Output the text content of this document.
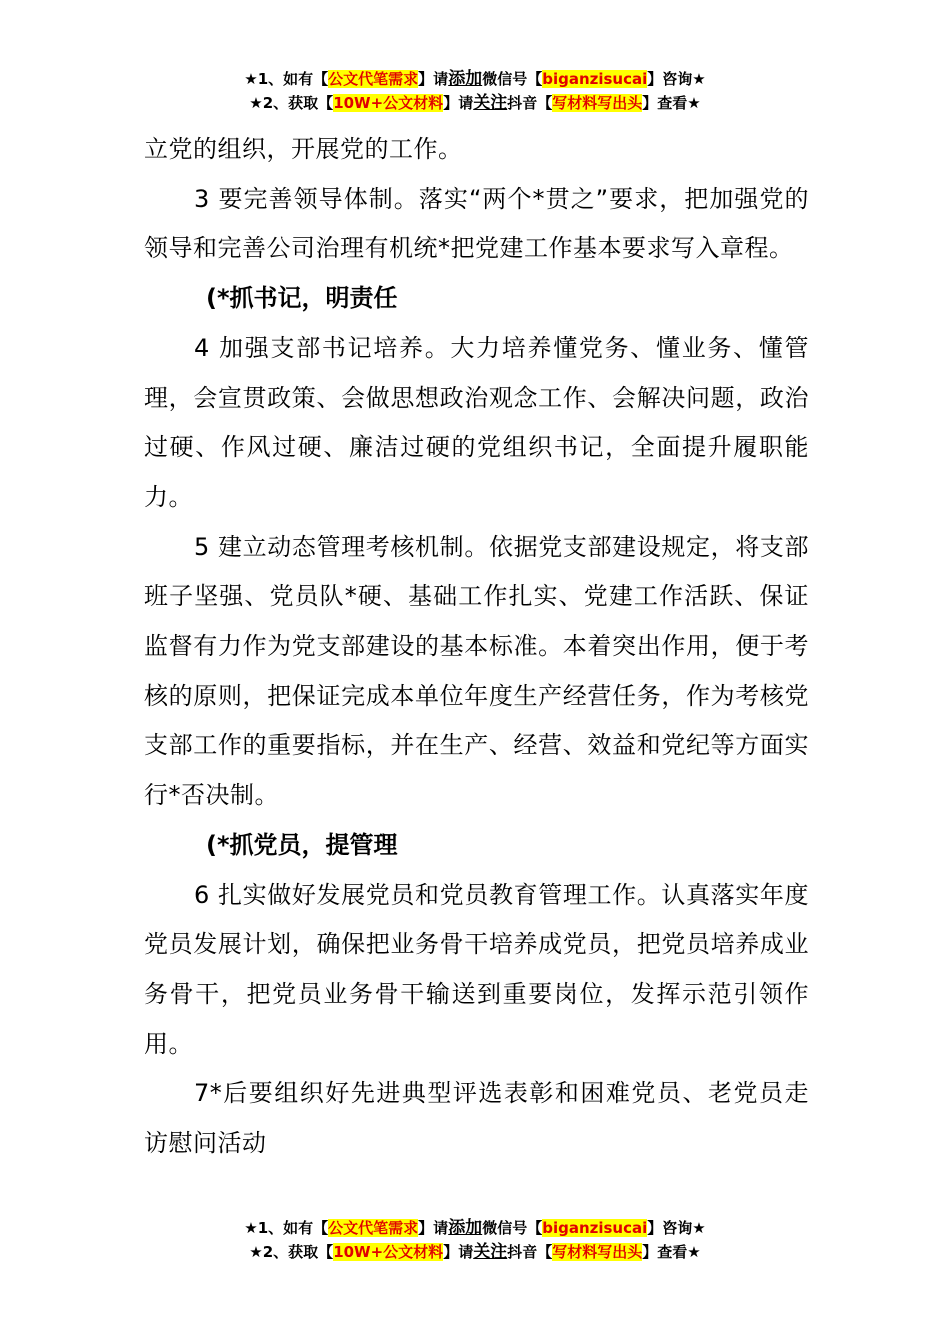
★1、如有【公文代笔需求】请添加微信号【biganzisucai】咨询★
★2、获取【10W+公文材料】请关注抖音【写材料写出头】查看★

立党的组织，开展党的工作。

3 要完善领导体制。落实“两个*贯之”要求，把加强党的领导和完善公司治理有机统*把党建工作基本要求写入章程。

(*抓书记，明责任

4 加强支部书记培养。大力培养懂党务、懂业务、懂管理，会宣贯政策、会做思想政治观念工作、会解决问题，政治过硬、作风过硬、廉洁过硬的党组织书记，全面提升履职能力。

5 建立动态管理考核机制。依据党支部建设规定，将支部班子坚强、党员队*硬、基础工作扎实、党建工作活跃、保证监督有力作为党支部建设的基本标准。本着突出作用，便于考核的原则，把保证完成本单位年度生产经营任务，作为考核党支部工作的重要指标，并在生产、经营、效益和党纪等方面实行*否决制。

(*抓党员，提管理

6 扎实做好发展党员和党员教育管理工作。认真落实年度党员发展计划，确保把业务骨干培养成党员，把党员培养成业务骨干，把党员业务骨干输送到重要岗位，发挥示范引领作用。

7*后要组织好先进典型评选表彰和困难党员、老党员走访慰问活动

★1、如有【公文代笔需求】请添加微信号【biganzisucai】咨询★
★2、获取【10W+公文材料】请关注抖音【写材料写出头】查看★
